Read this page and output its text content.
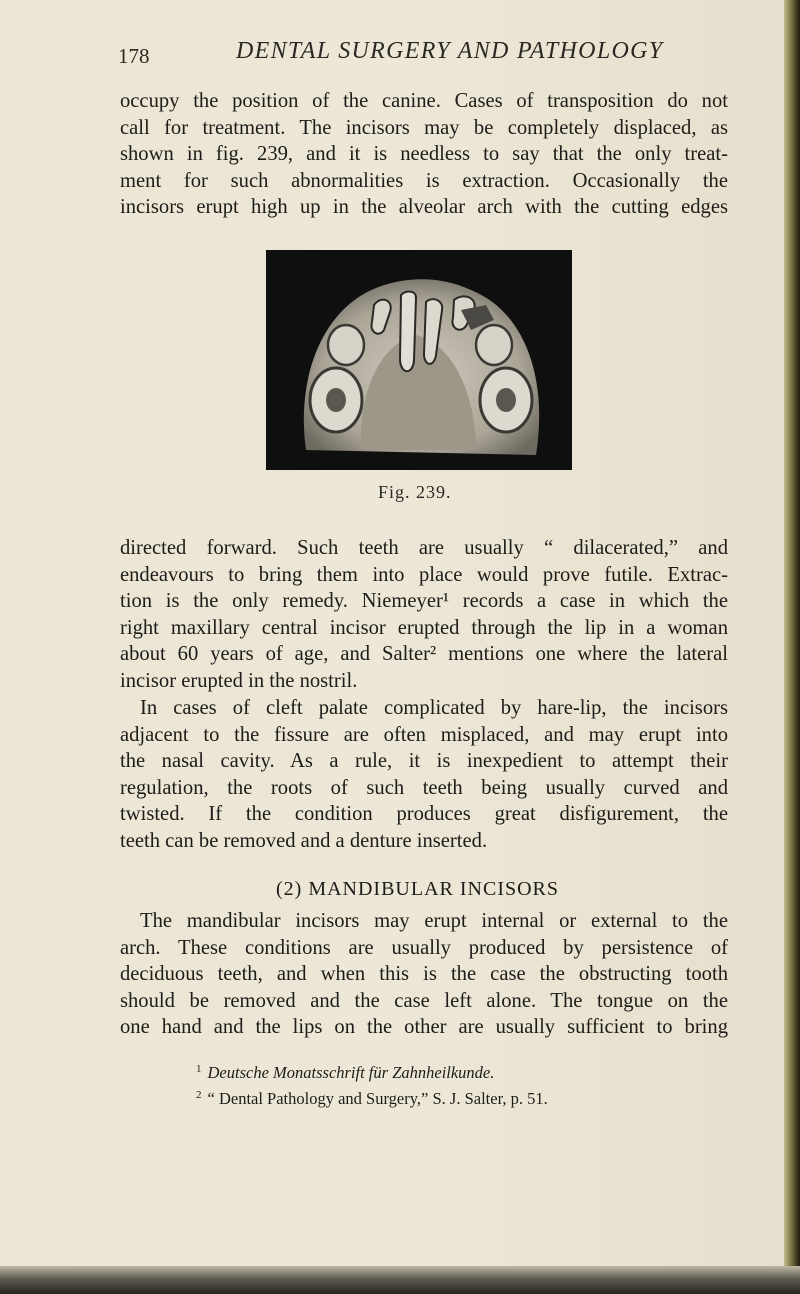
178	DENTAL SURGERY AND PATHOLOGY

occupy the position of the canine. Cases of transposition do not
call for treatment. The incisors may be completely displaced, as
shown in fig. 239, and it is needless to say that the only treat-
ment for such abnormalities is extraction. Occasionally the
incisors erupt high up in the alveolar arch with the cutting edges

Fig. 239.

directed forward. Such teeth are usually “ dilacerated,” and
endeavours to bring them into place would prove futile. Extrac-
tion is the only remedy. Niemeyer¹ records a case in which the
right maxillary central incisor erupted through the lip in a woman
about 60 years of age, and Salter² mentions one where the lateral
incisor erupted in the nostril.

In cases of cleft palate complicated by hare-lip, the incisors
adjacent to the fissure are often misplaced, and may erupt into
the nasal cavity. As a rule, it is inexpedient to attempt their
regulation, the roots of such teeth being usually curved and
twisted. If the condition produces great disfigurement, the
teeth can be removed and a denture inserted.

(2) MANDIBULAR INCISORS

The mandibular incisors may erupt internal or external to the
arch. These conditions are usually produced by persistence of
deciduous teeth, and when this is the case the obstructing tooth
should be removed and the case left alone. The tongue on the
one hand and the lips on the other are usually sufficient to bring

$^1$ Deutsche Monatsschrift für Zahnheilkunde.
$^2$ “ Dental Pathology and Surgery,” S. J. Salter, p. 51.
